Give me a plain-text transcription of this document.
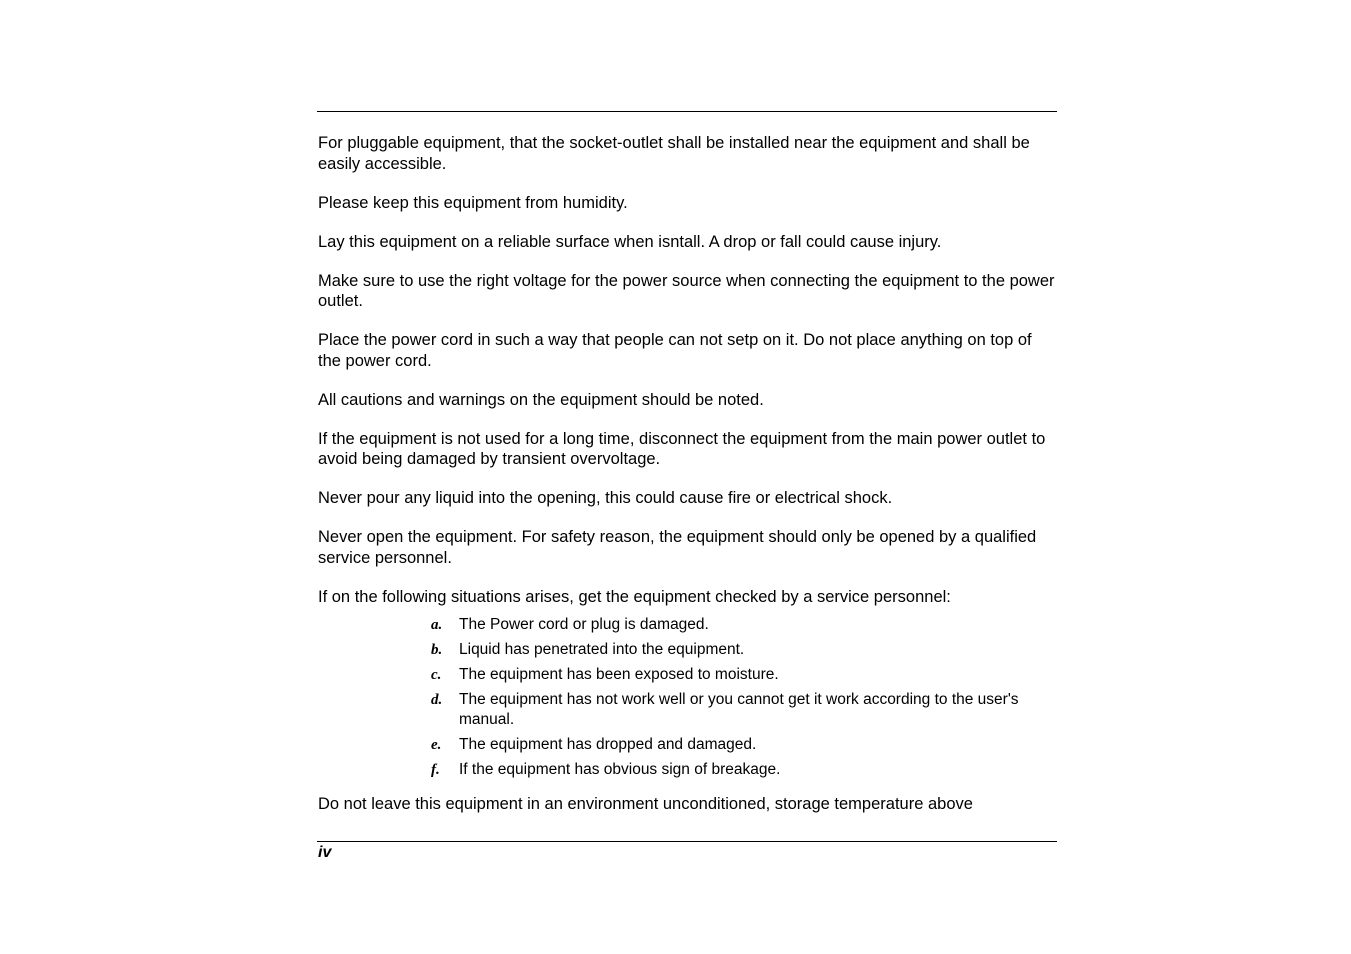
For pluggable equipment, that the socket-outlet shall be installed near the equipment and shall be easily accessible.

Please keep this equipment from humidity.

Lay this equipment on a reliable surface when isntall. A drop or fall could cause injury.

Make sure to use the right voltage for the power source when connecting the equipment to the power outlet.

Place the power cord in such a way that people can not setp on it. Do not place anything on top of the power cord.

All cautions and warnings on the equipment should be noted.

If the equipment is not used for a long time, disconnect the equipment from the main power outlet to avoid being damaged by transient overvoltage.

Never pour any liquid into the opening, this could cause fire or electrical shock.

Never open the equipment. For safety reason, the equipment should only be opened by a qualified service personnel.

If on the following situations arises, get the equipment checked by a service personnel:

a.	The Power cord or plug is damaged.
b.	Liquid has penetrated into the equipment.
c.	The equipment has been exposed to moisture.
d.	The equipment has not work well or you cannot get it work according to the user's manual.
e.	The equipment has dropped and damaged.
f.	If the equipment has obvious sign of breakage.

Do not leave this equipment in an environment unconditioned, storage temperature above

iv
